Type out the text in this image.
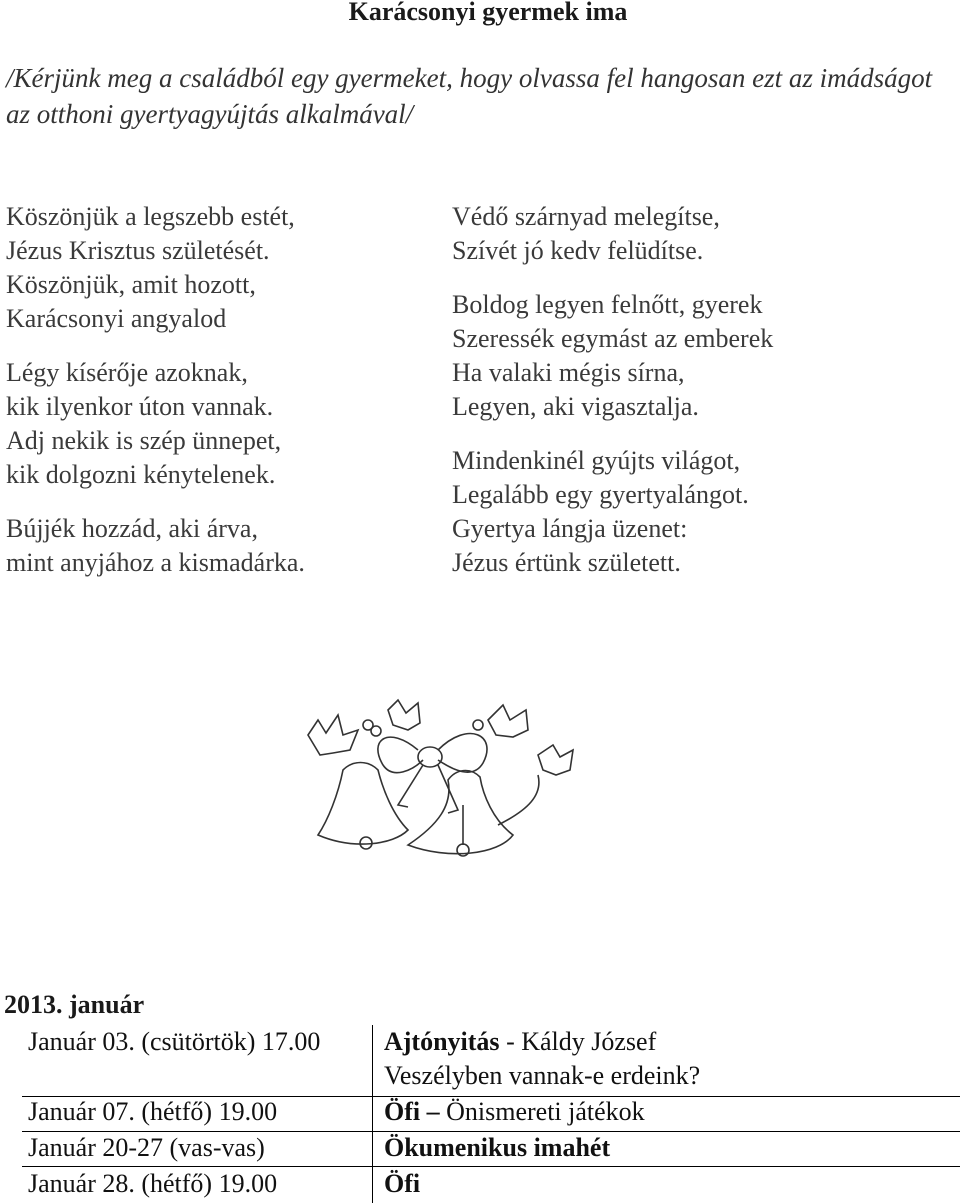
Karácsonyi gyermek ima
/Kérjünk meg a családból egy gyermeket, hogy olvassa fel hangosan ezt az imádságot az otthoni gyertyagyújtás alkalmával/
Köszönjük a legszebb estét,
Jézus Krisztus születését.
Köszönjük, amit hozott,
Karácsonyi angyalod
Légy kísérője azoknak,
kik ilyenkor úton vannak.
Adj nekik is szép ünnepet,
kik dolgozni kénytelenek.
Bújjék hozzád, aki árva,
mint anyjához a kismadárka.
Védő szárnyad melegítse,
Szívét jó kedv felüdítse.
Boldog legyen felnőtt, gyerek
Szeressék egymást az emberek
Ha valaki mégis sírna,
Legyen, aki vigasztalja.
Mindenkinél gyújts világot,
Legalább egy gyertyalángot.
Gyertya lángja üzenet:
Jézus értünk született.
2013. január
Január 03. (csütörtök) 17.00 Ajtónyitás - Káldy József
Veszélyben vannak-e erdeink?
Január 07. (hétfő) 19.00	Öfi – Önismereti játékok
Január 20-27 (vas-vas)	Ökumenikus imahét
Január 28. (hétfő) 19.00	Öfi
